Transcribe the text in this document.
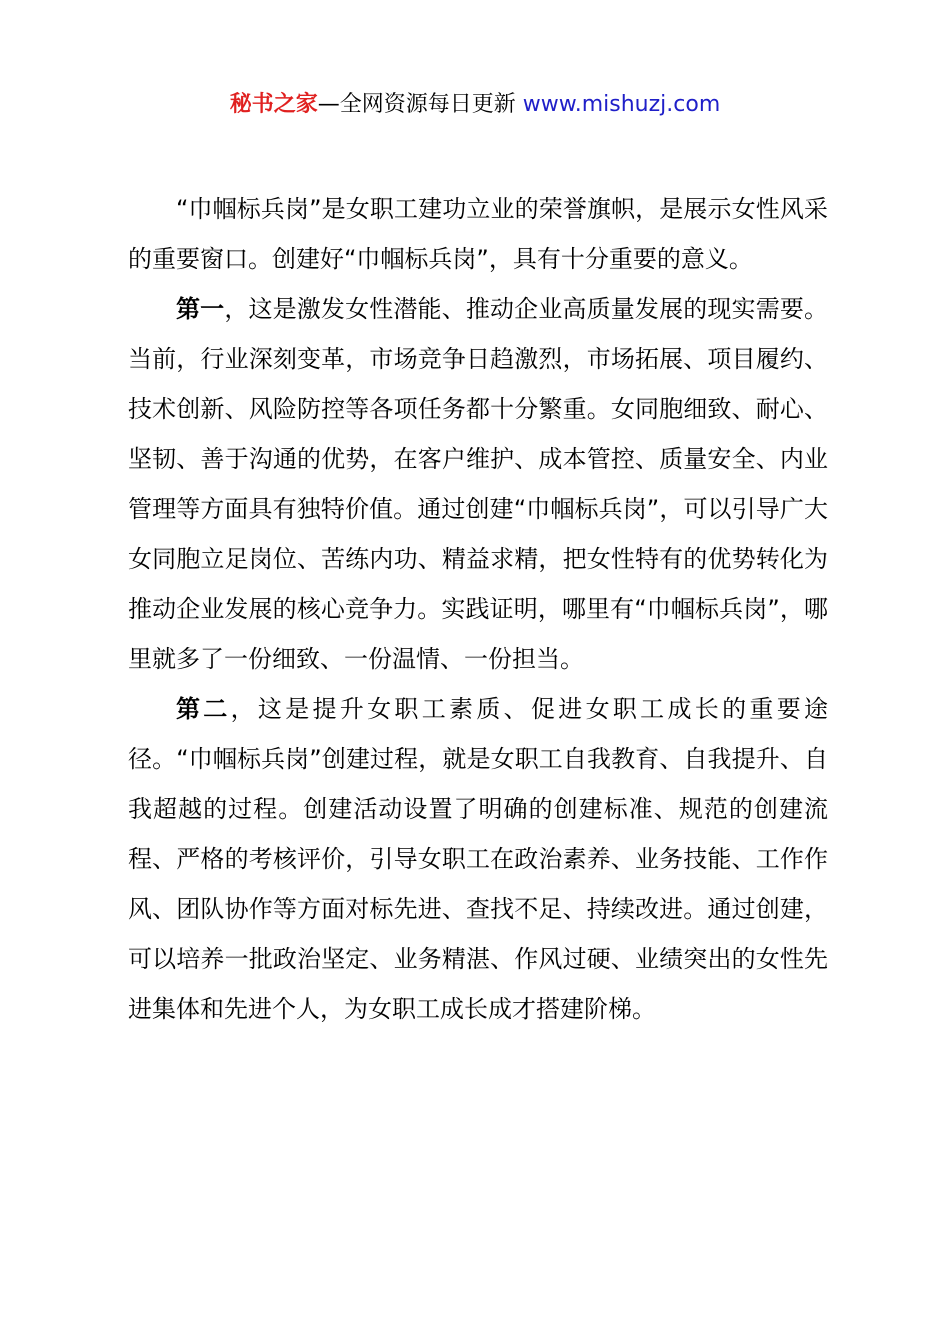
秘书之家—全网资源每日更新 www.mishuzj.com

“巾帼标兵岗”是女职工建功立业的荣誉旗帜，是展示女性风采的重要窗口。创建好“巾帼标兵岗”，具有十分重要的意义。

第一，这是激发女性潜能、推动企业高质量发展的现实需要。当前，行业深刻变革，市场竞争日趋激烈，市场拓展、项目履约、技术创新、风险防控等各项任务都十分繁重。女同胞细致、耐心、坚韧、善于沟通的优势，在客户维护、成本管控、质量安全、内业管理等方面具有独特价值。通过创建“巾帼标兵岗”，可以引导广大女同胞立足岗位、苦练内功、精益求精，把女性特有的优势转化为推动企业发展的核心竞争力。实践证明，哪里有“巾帼标兵岗”，哪里就多了一份细致、一份温情、一份担当。

第二，这是提升女职工素质、促进女职工成长的重要途径。“巾帼标兵岗”创建过程，就是女职工自我教育、自我提升、自我超越的过程。创建活动设置了明确的创建标准、规范的创建流程、严格的考核评价，引导女职工在政治素养、业务技能、工作作风、团队协作等方面对标先进、查找不足、持续改进。通过创建，可以培养一批政治坚定、业务精湛、作风过硬、业绩突出的女性先进集体和先进个人，为女职工成长成才搭建阶梯。
